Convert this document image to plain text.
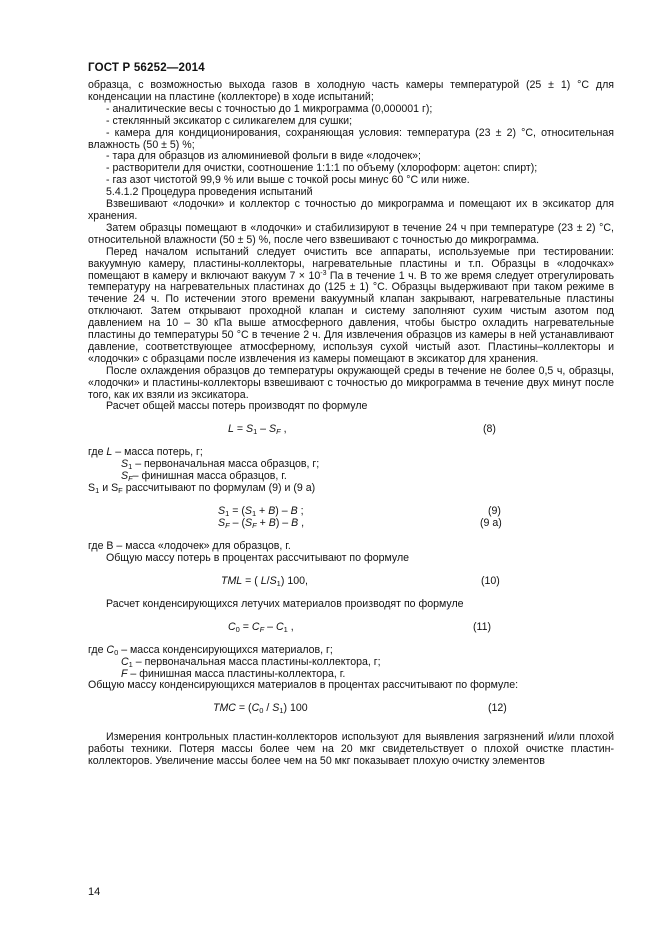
ГОСТ Р 56252—2014

образца, с возможностью выхода газов в холодную часть камеры температурой (25 ± 1) °С для конденсации на пластине (коллекторе) в ходе испытаний;

- аналитические весы с точностью до 1 микрограмма (0,000001 г);

- стеклянный эксикатор с силикагелем для сушки;

- камера для кондиционирования, сохраняющая условия: температура (23 ± 2) °С, относительная влажность (50 ± 5) %;

- тара для образцов из алюминиевой фольги в виде «лодочек»;

- растворители для очистки, соотношение 1:1:1 по объему (хлороформ: ацетон: спирт);

- газ азот чистотой 99,9 % или выше с точкой росы минус 60 °С или ниже.

5.4.1.2 Процедура проведения испытаний

Взвешивают «лодочки» и коллектор с точностью до микрограмма и помещают их в эксикатор для хранения.

Затем образцы помещают в «лодочки» и стабилизируют в течение 24 ч при температуре (23 ± 2) °С, относительной влажности (50 ± 5) %, после чего взвешивают с точностью до микрограмма.

Перед началом испытаний следует очистить все аппараты, используемые при тестировании: вакуумную камеру, пластины-коллекторы, нагревательные пластины и т.п. Образцы в «лодочках» помещают в камеру и включают вакуум $7 \times 10^{-3}$ Па в течение 1 ч. В то же время следует отрегулировать температуру на нагревательных пластинах до (125 ± 1) °С. Образцы выдерживают при таком режиме в течение 24 ч. По истечении этого времени вакуумный клапан закрывают, нагревательные пластины отключают. Затем открывают проходной клапан и систему заполняют сухим чистым азотом под давлением на 10 – 30 кПа выше атмосферного давления, чтобы быстро охладить нагревательные пластины до температуры 50 °С в течение 2 ч. Для извлечения образцов из камеры в ней устанавливают давление, соответствующее атмосферному, используя сухой чистый азот. Пластины–коллекторы и «лодочки» с образцами после извлечения из камеры помещают в эксикатор для хранения.

После охлаждения образцов до температуры окружающей среды в течение не более 0,5 ч, образцы, «лодочки» и пластины-коллекторы взвешивают с точностью до микрограмма в течение двух минут после того, как их взяли из эксикатора.

Расчет общей массы потерь производят по формуле

$L = S_1 - S_F$ ,	(8)

где L – масса потерь, г;

$S_1$ – первоначальная масса образцов, г;

$S_F-$ финишная масса образцов, г.

$S_1$ и $S_F$ рассчитывают по формулам (9) и (9 а)

$S_1 = (S_1 + B) - B$ ;	(9)
$S_F - (S_F + B) - B$ ,	(9 а)

где В – масса «лодочек» для образцов, г.

Общую массу потерь в процентах рассчитывают по формуле

TML = ( $L/S_1$) 100,	(10)

Расчет конденсирующихся летучих материалов производят по формуле

$C_0 = C_F - C_1$ ,	(11)

где $C_0$ – масса конденсирующихся материалов, г;

$C_1$ – первоначальная масса пластины-коллектора, г;

F – финишная масса пластины-коллектора, г.

Общую массу конденсирующихся материалов в процентах рассчитывают по формуле:

TMC = $(C_0 / S_1)$ 100	(12)

Измерения контрольных пластин-коллекторов используют для выявления загрязнений и/или плохой работы техники. Потеря массы более чем на 20 мкг свидетельствует о плохой очистке пластин-коллекторов. Увеличение массы более чем на 50 мкг показывает плохую очистку элементов

14
